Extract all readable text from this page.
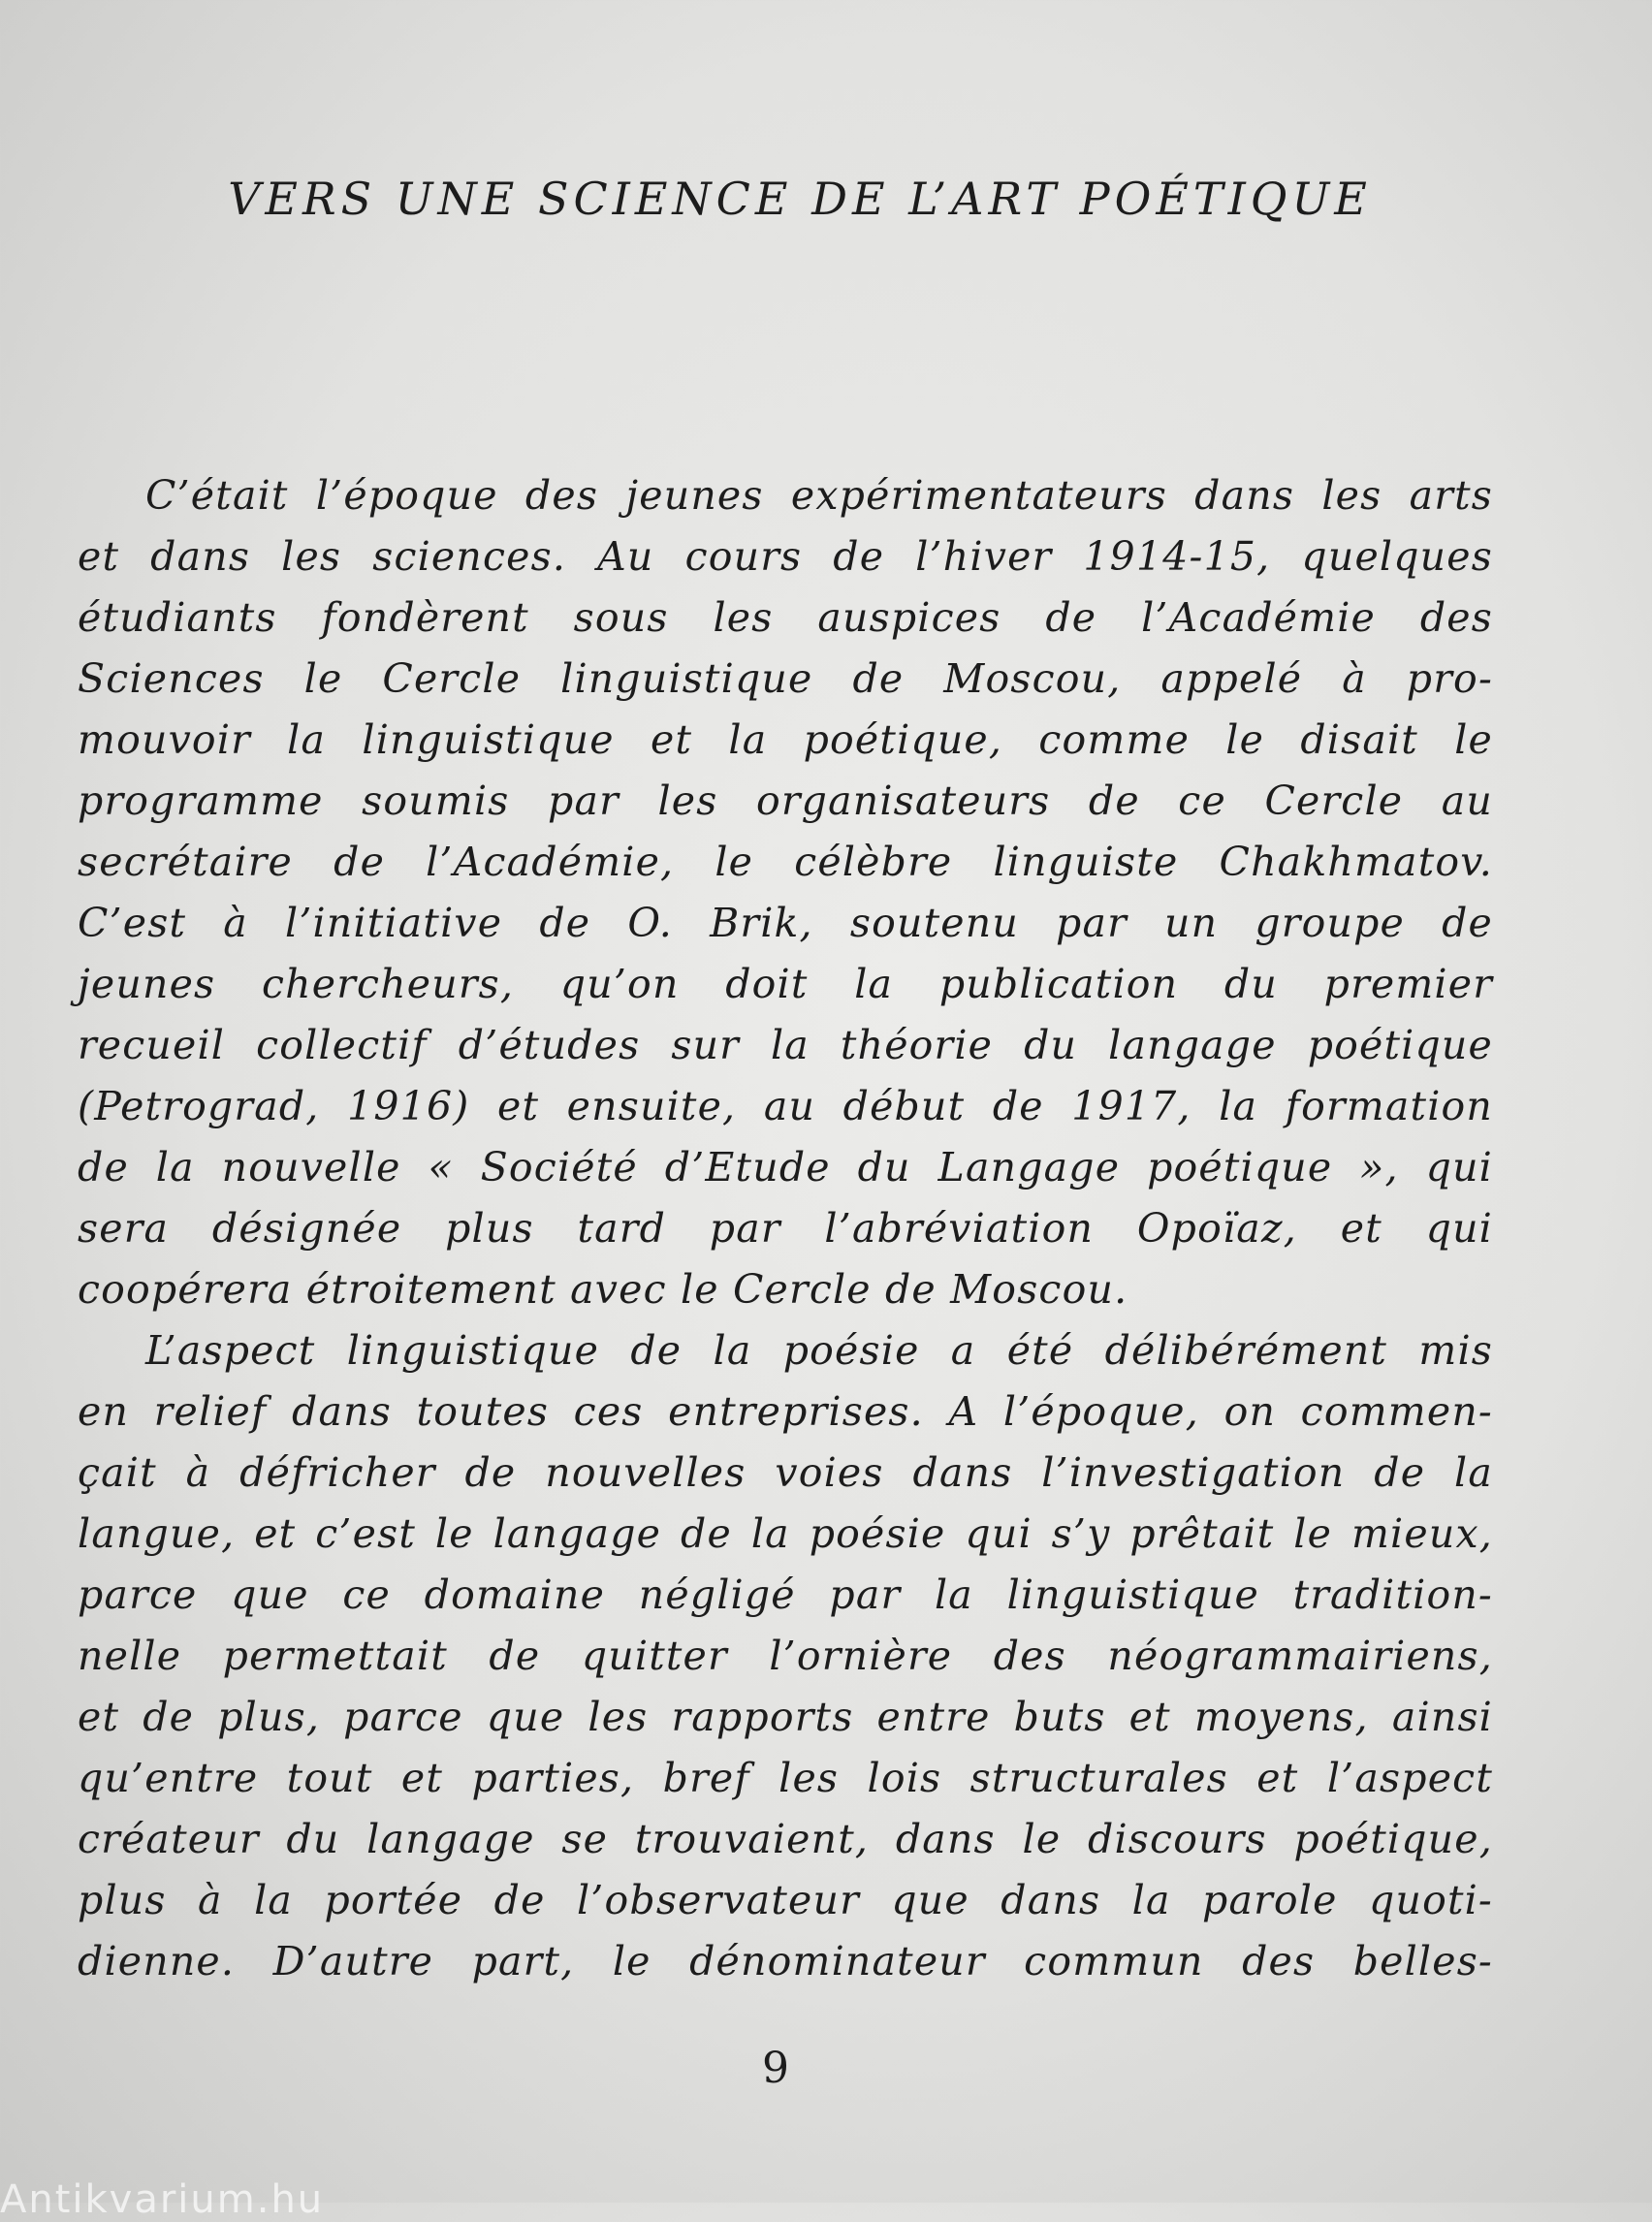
VERS UNE SCIENCE DE L’ART POÉTIQUE
C’était l’époque des jeunes expérimentateurs dans les arts
et dans les sciences. Au cours de l’hiver 1914-15, quelques
étudiants fondèrent sous les auspices de l’Académie des
Sciences le Cercle linguistique de Moscou, appelé à pro-
mouvoir la linguistique et la poétique, comme le disait le
programme soumis par les organisateurs de ce Cercle au
secrétaire de l’Académie, le célèbre linguiste Chakhmatov.
C’est à l’initiative de O. Brik, soutenu par un groupe de
jeunes chercheurs, qu’on doit la publication du premier
recueil collectif d’études sur la théorie du langage poétique
(Petrograd, 1916) et ensuite, au début de 1917, la formation
de la nouvelle « Société d’Etude du Langage poétique », qui
sera désignée plus tard par l’abréviation Opoïaz, et qui
coopérera étroitement avec le Cercle de Moscou.
L’aspect linguistique de la poésie a été délibérément mis
en relief dans toutes ces entreprises. A l’époque, on commen-
çait à défricher de nouvelles voies dans l’investigation de la
langue, et c’est le langage de la poésie qui s’y prêtait le mieux,
parce que ce domaine négligé par la linguistique tradition-
nelle permettait de quitter l’ornière des néogrammairiens,
et de plus, parce que les rapports entre buts et moyens, ainsi
qu’entre tout et parties, bref les lois structurales et l’aspect
créateur du langage se trouvaient, dans le discours poétique,
plus à la portée de l’observateur que dans la parole quoti-
dienne. D’autre part, le dénominateur commun des belles-
9
Antikvarium.hu
